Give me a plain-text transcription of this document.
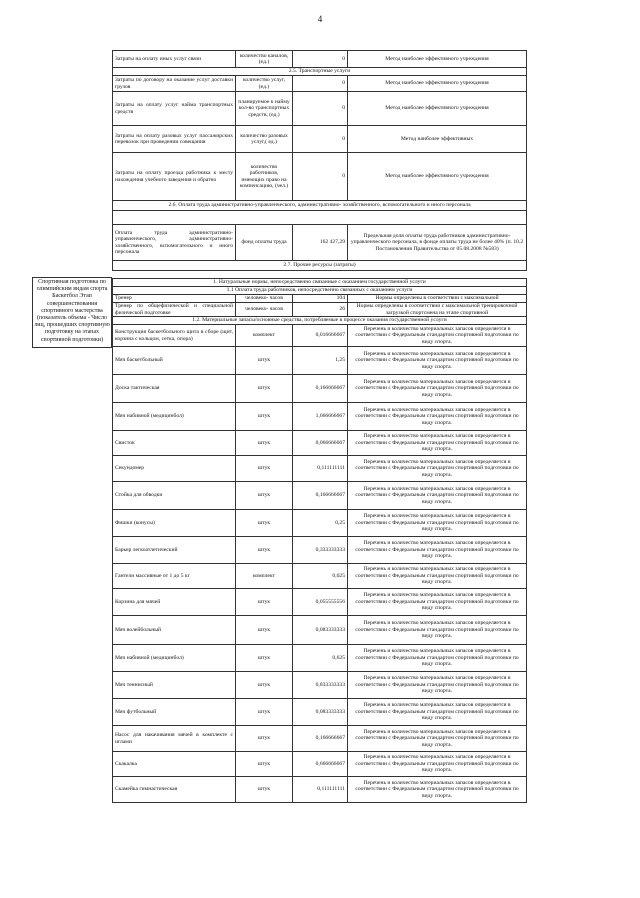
4
Спортивная подготовка по олимпийским видам спорта Баскетбол Этап совершенствования спортивного мастерства (показатель объема - Число лиц, прошедших спортивную подготовку на этапах спортивной подготовки)
Затраты на оплату иных услуг связи	количество каналов, (ед.)	0	Метод наиболее эффективного учреждения
2.5. Транспортные услуги			
Затраты по договору на оказание услуг доставки грузов	количество услуг, (ед.)	0	Метод наиболее эффективного учреждения
Затраты на оплату услуг найма транспортных средств	планируемое к найму кол-во транспортных средств, (ед.)	0	Метод наиболее эффективного учреждения
Затраты на оплату разовых услуг пассажирских перевозок при проведении совещания	количество разовых услуг,( ед.)	0	Метод наиболее эффективных
Затраты на оплату проезда работника к месту нахождения учебного заведения и обратно	количество работников, имеющих право на компенсацию, (чел.)	0	Метод наиболее эффективного учреждения
2.6. Оплата труда административно-управленческого, административно- хозяйственного, вспомогательного и иного персонала			

Оплата труда административно-управленческого, административно- хозяйственного, вспомогательного и иного персонала	фонд оплаты труда	162 427,29	Предельная доля оплаты труда работников административно- управленческого персонала, в фонде оплаты труда не более 40% (п. 10.2 Постановления Правительства от 05.08.2008 №583)
2.7. Прочие ресурсы (затраты)			
1. Натуральные нормы, непосредственно связанные с оказанием государственной услуги			
1.1 Оплата труда работников, непосредственно связанных с оказанием услуги			
Тренер	человеко- часов	104	Нормы определены в соответствии с максимальной
Тренер по общефизической и специальной физической подготовке	человеко- часов	26	Нормы определены в соответствии с максимальной тренировочной загрузкой спортсмена на этапе спортивной
1.2. Материальные запасы/основные средства, потребляемые в процессе оказания государственной услуги			
Конструкция баскетбольного щита в сборе (щит, корзина с кольцом, сетка, опора)	комплект	0,016666667	Перечень и количество материальных запасов определяется в соответствии с Федеральным стандартом спортивной подготовки по виду спорта.
Мяч баскетбольный	штук	1,25	Перечень и количество материальных запасов определяется в соответствии с Федеральным стандартом спортивной подготовки по виду спорта.
Доска тактическая	штук	0,166666667	Перечень и количество материальных запасов определяется в соответствии с Федеральным стандартом спортивной подготовки по виду спорта.
Мяч набивной (медицинбол)	штук	1,666666667	Перечень и количество материальных запасов определяется в соответствии с Федеральным стандартом спортивной подготовки по виду спорта.
Свисток	штук	0,066666667	Перечень и количество материальных запасов определяется в соответствии с Федеральным стандартом спортивной подготовки по виду спорта.
Секундомер	штук	0,111111111	Перечень и количество материальных запасов определяется в соответствии с Федеральным стандартом спортивной подготовки по виду спорта.
Стойка для обводки	штук	0,166666667	Перечень и количество материальных запасов определяется в соответствии с Федеральным стандартом спортивной подготовки по виду спорта.
Фишки (конусы)	штук	0,25	Перечень и количество материальных запасов определяется в соответствии с Федеральным стандартом спортивной подготовки по виду спорта.
Барьер легкоатлетический	штук	0,333333333	Перечень и количество материальных запасов определяется в соответствии с Федеральным стандартом спортивной подготовки по виду спорта.
Гантели массивные от 1 до 5 кг	комплект	0,025	Перечень и количество материальных запасов определяется в соответствии с Федеральным стандартом спортивной подготовки по виду спорта.
Корзина для мячей	штук	0,055555556	Перечень и количество материальных запасов определяется в соответствии с Федеральным стандартом спортивной подготовки по виду спорта.
Мяч волейбольный	штук	0,083333333	Перечень и количество материальных запасов определяется в соответствии с Федеральным стандартом спортивной подготовки по виду спорта.
Мяч набивной (медицинбол)	штук	0,625	Перечень и количество материальных запасов определяется в соответствии с Федеральным стандартом спортивной подготовки по виду спорта.
Мяч теннисный	штук	0,833333333	Перечень и количество материальных запасов определяется в соответствии с Федеральным стандартом спортивной подготовки по виду спорта.
Мяч футбольный	штук	0,083333333	Перечень и количество материальных запасов определяется в соответствии с Федеральным стандартом спортивной подготовки по виду спорта.
Насос для накачивания мячей в комплекте с иглами	штук	0,166666667	Перечень и количество материальных запасов определяется в соответствии с Федеральным стандартом спортивной подготовки по виду спорта.
Скакалка	штук	0,666666667	Перечень и количество материальных запасов определяется в соответствии с Федеральным стандартом спортивной подготовки по виду спорта.
Скамейка гимнастическая	штук	0,111111111	Перечень и количество материальных запасов определяется в соответствии с Федеральным стандартом спортивной подготовки по виду спорта.
